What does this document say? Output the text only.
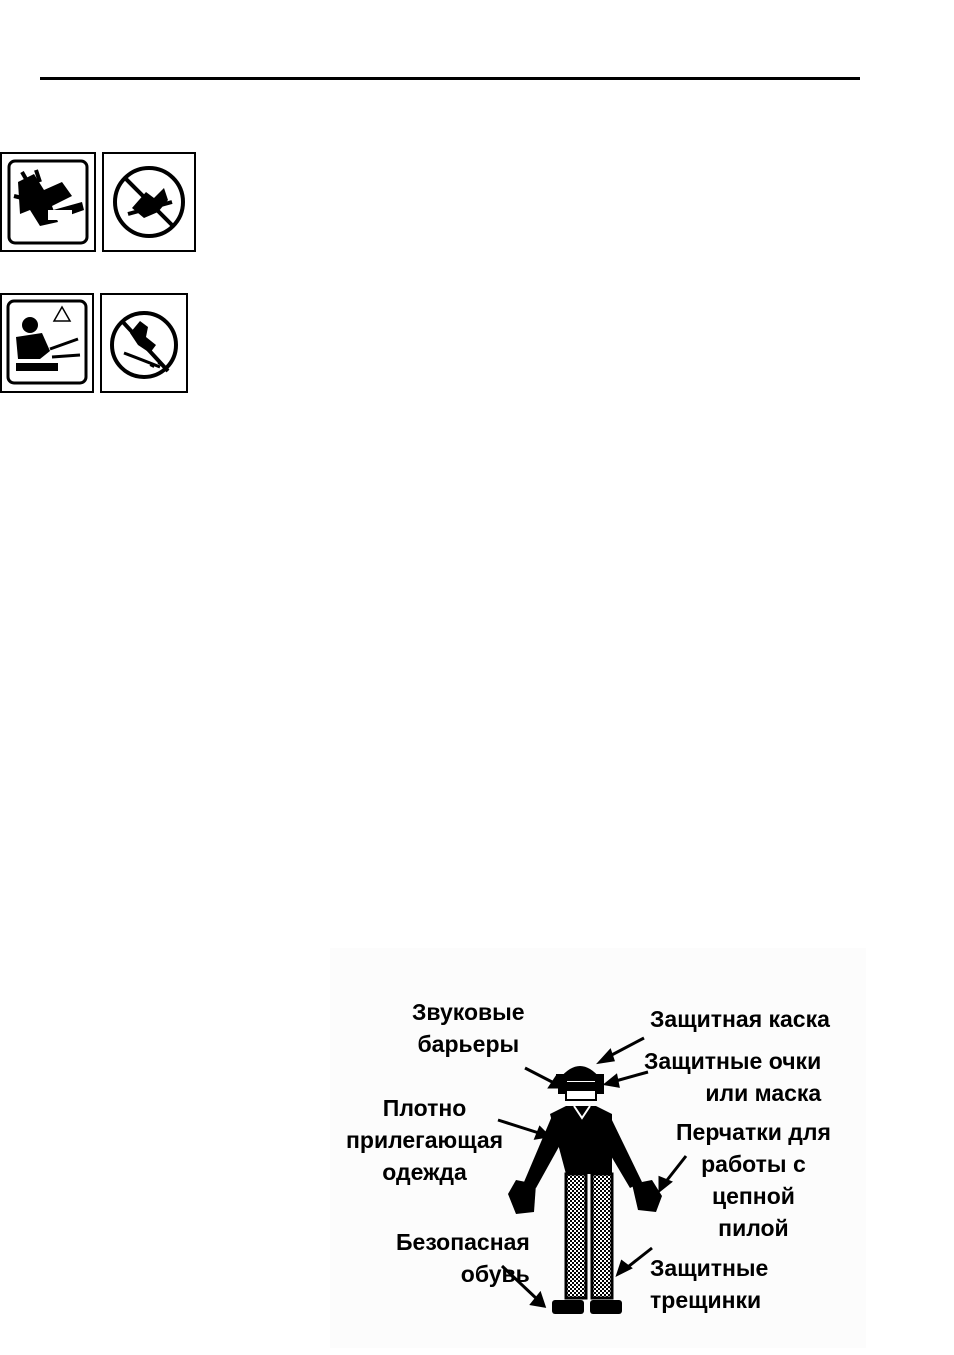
Звуковые
барьеры
Защитная каска
Защитные очки
или маска
Плотно
прилегающая
одежда
Перчатки для
работы с
цепной
пилой
Безопасная
обувь	Защитные
трещинки
